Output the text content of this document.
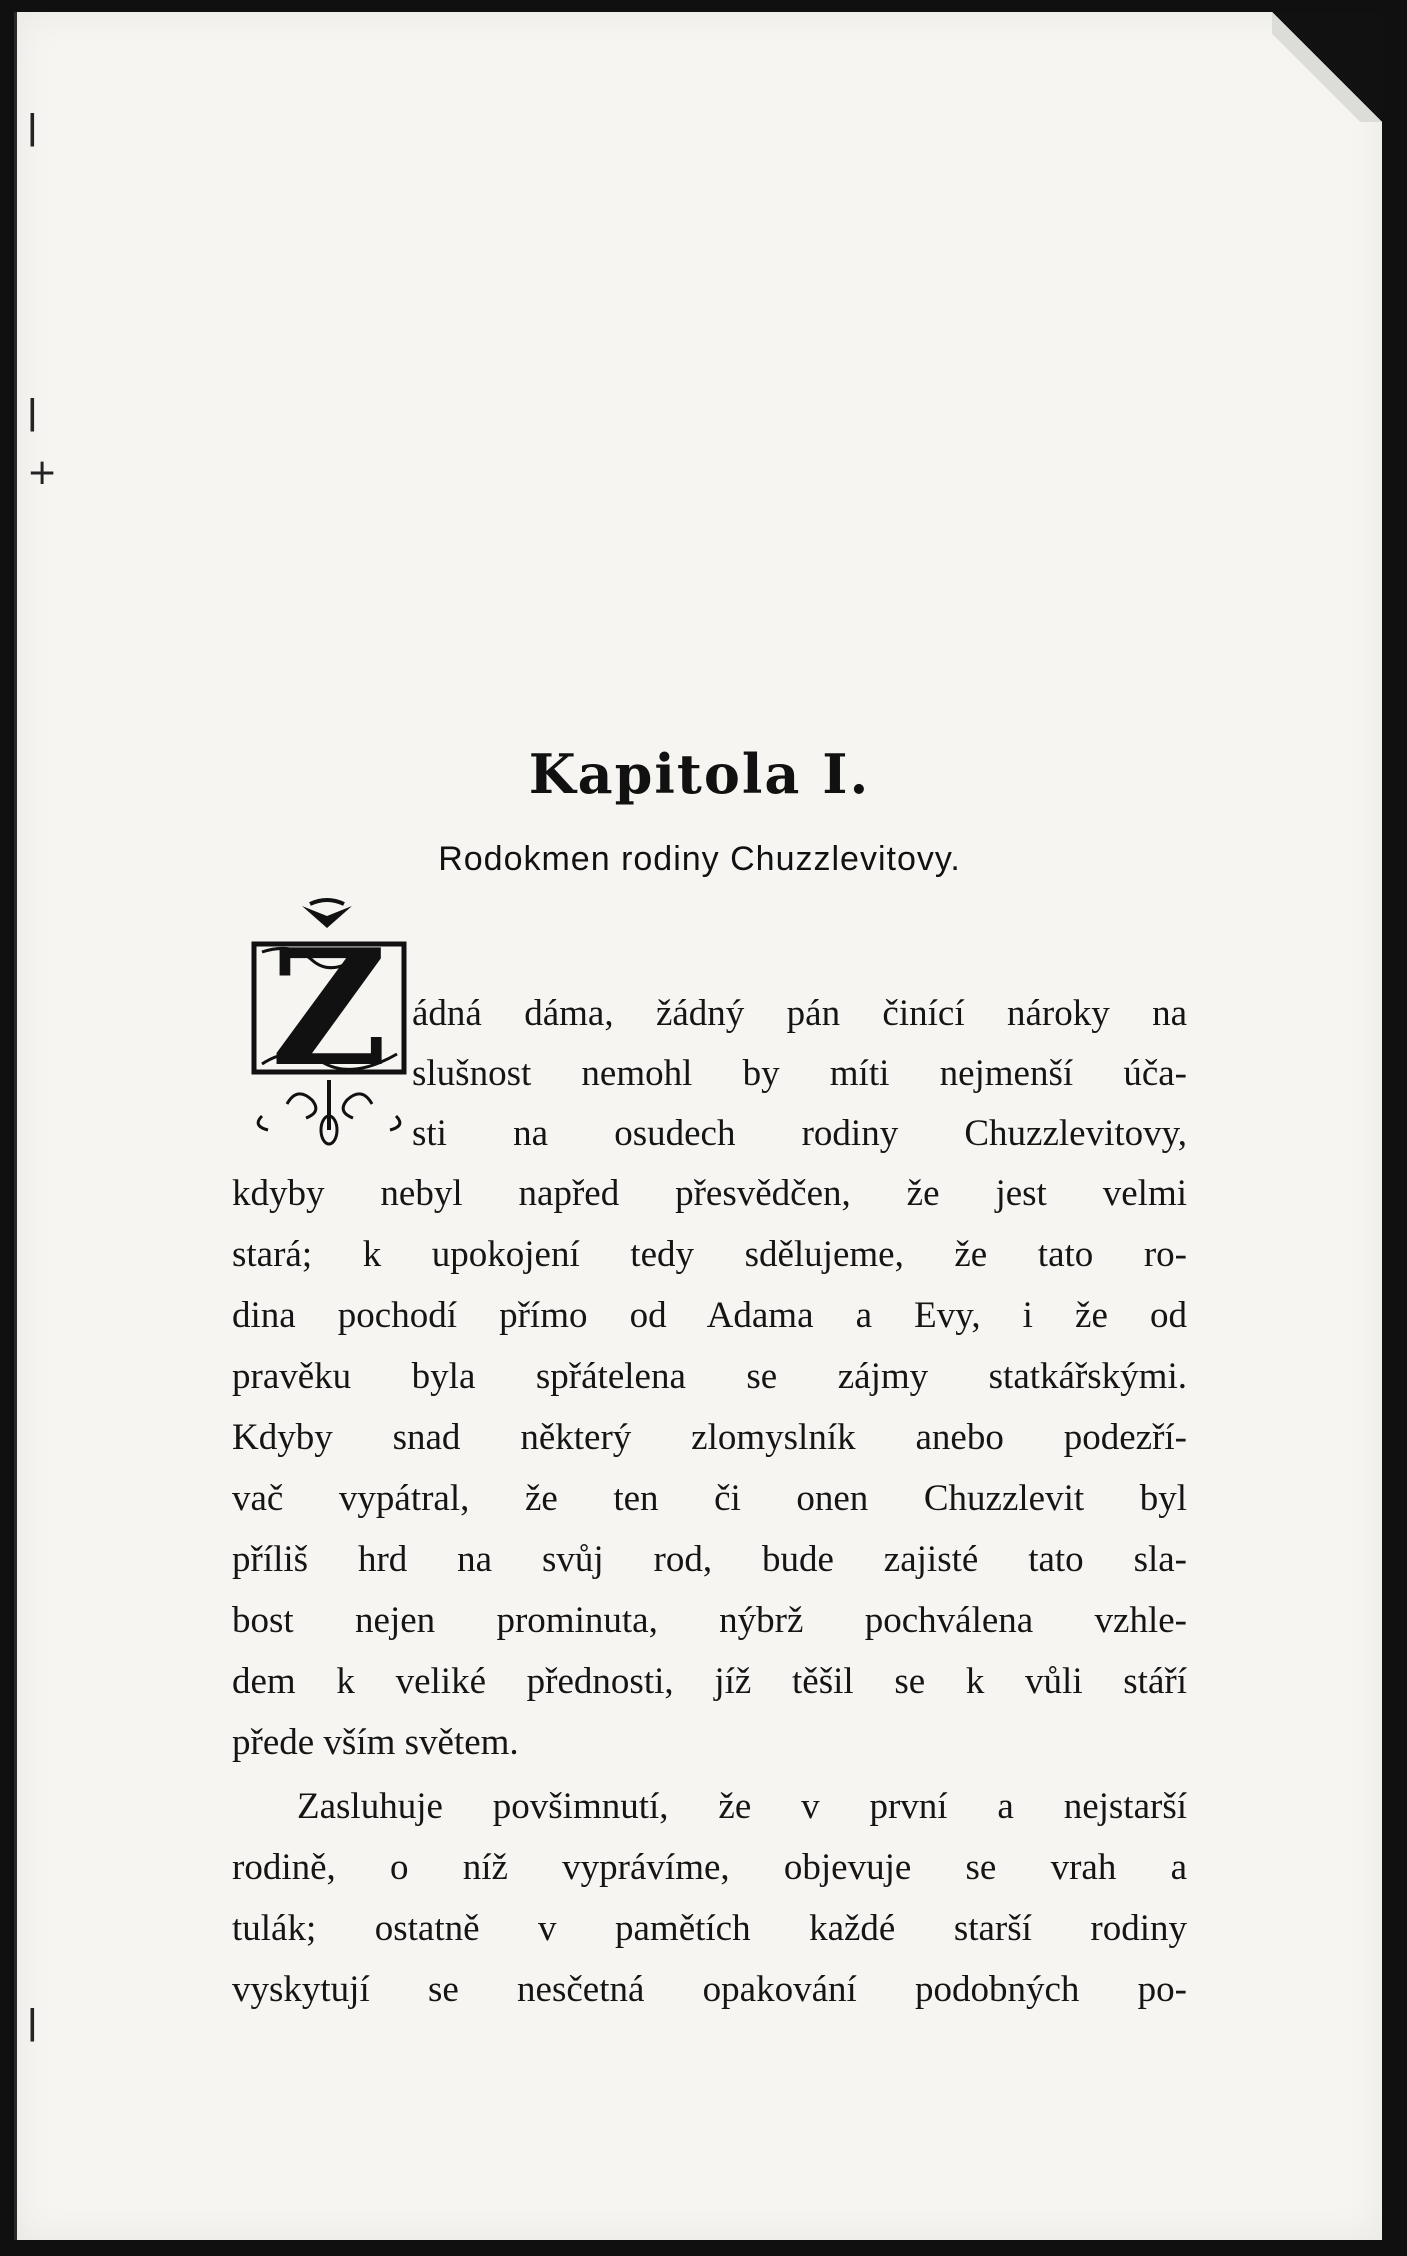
ǀ
ǀ
+
ǀ
Kapitola I.
Rodokmen rodiny Chuzzlevitovy.
Z ádná dáma, žádný pán činící nároky na
slušnost nemohl by míti nejmenší úča-
sti na osudech rodiny Chuzzlevitovy,
kdyby nebyl napřed přesvědčen, že jest velmi
stará; k upokojení tedy sdělujeme, že tato ro-
dina pochodí přímo od Adama a Evy, i že od
pravěku byla spřátelena se zájmy statkářskými.
Kdyby snad některý zlomyslník anebo podezří-
vač vypátral, že ten či onen Chuzzlevit byl
příliš hrd na svůj rod, bude zajisté tato sla-
bost nejen prominuta, nýbrž pochválena vzhle-
dem k veliké přednosti, jíž těšil se k vůli stáří
přede vším světem.
Zasluhuje povšimnutí, že v první a nejstarší
rodině, o níž vyprávíme, objevuje se vrah a
tulák; ostatně v pamětích každé starší rodiny
vyskytují se nesčetná opakování podobných po-
